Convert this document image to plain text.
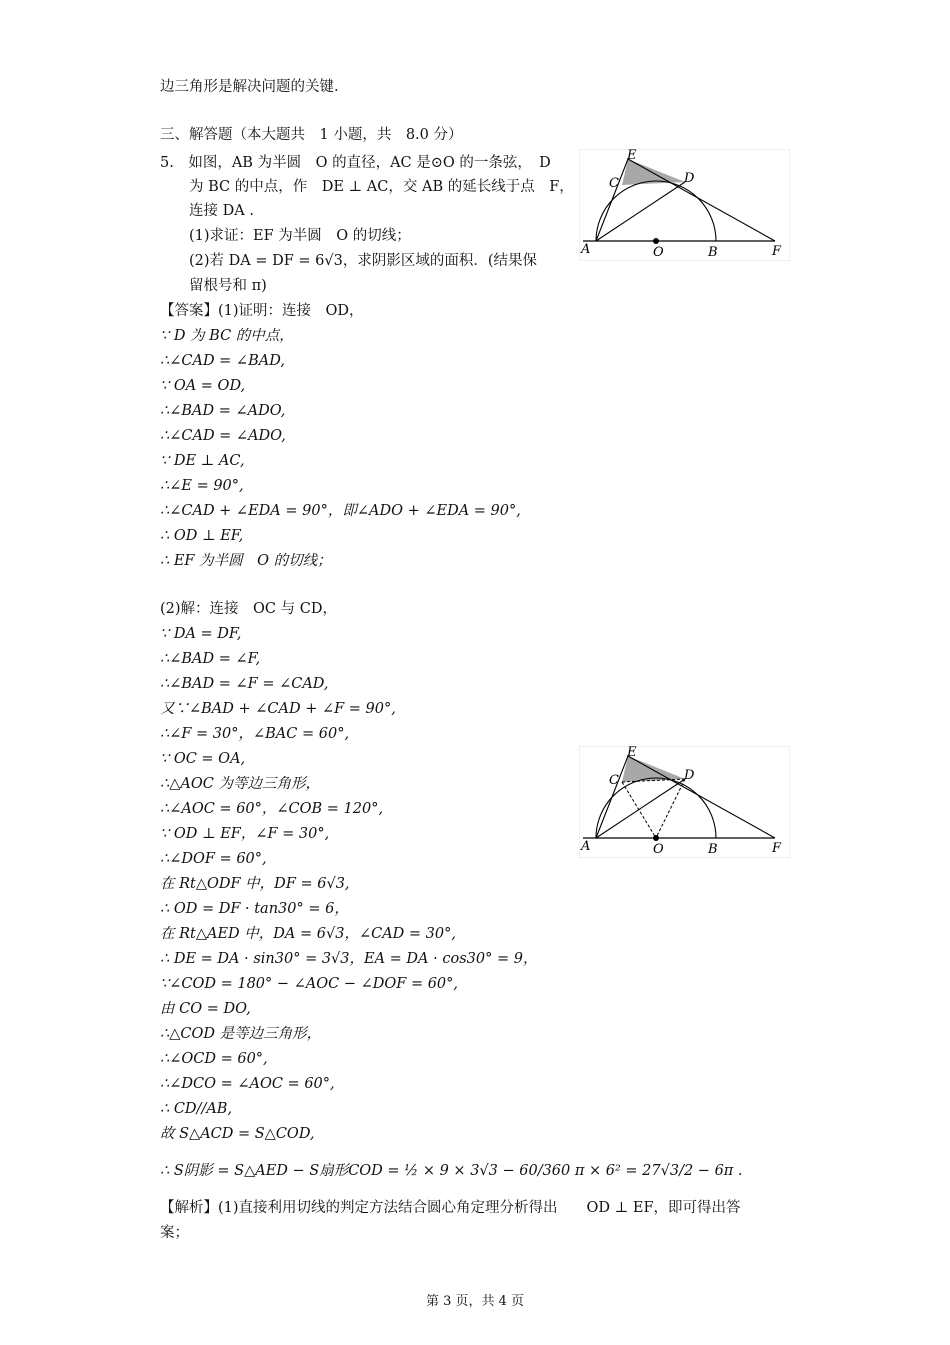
边三角形是解决问题的关键.
三、解答题（本大题共　1 小题，共　8.0 分）
5.　如图，AB 为半圆　O 的直径，AC 是⊙O 的一条弦，　D
　　为 BC 的中点，作　DE ⊥ AC，交 AB 的延长线于点　F，
　　连接 DA .
　　(1)求证：EF 为半圆　O 的切线；
　　(2)若 DA = DF = 6√3，求阴影区域的面积．(结果保
　　留根号和 π)
【答案】(1)证明：连接　OD，
∵ D 为 BC 的中点，
∴∠CAD = ∠BAD,
∵ OA = OD,
∴∠BAD = ∠ADO,
∴∠CAD = ∠ADO,
∵ DE ⊥ AC,
∴∠E = 90°,
∴∠CAD + ∠EDA = 90°，即∠ADO + ∠EDA = 90°,
∴ OD ⊥ EF,
∴ EF 为半圆　O 的切线；
(2)解：连接　OC 与 CD，
∵ DA = DF,
∴∠BAD = ∠F,
∴∠BAD = ∠F = ∠CAD,
又∵∠BAD + ∠CAD + ∠F = 90°,
∴∠F = 30°，∠BAC = 60°,
∵ OC = OA,
∴△AOC 为等边三角形，
∴∠AOC = 60°，∠COB = 120°,
∵ OD ⊥ EF，∠F = 30°,
∴∠DOF = 60°,
在 Rt△ODF 中，DF = 6√3,
∴ OD = DF · tan30° = 6，
在 Rt△AED 中，DA = 6√3，∠CAD = 30°,
∴ DE = DA · sin30° = 3√3，EA = DA · cos30° = 9，
∵∠COD = 180° − ∠AOC − ∠DOF = 60°,
由 CO = DO,
∴△COD 是等边三角形，
∴∠OCD = 60°,
∴∠DCO = ∠AOC = 60°,
∴ CD//AB,
故 S△ACD = S△COD,
∴ S阴影 = S△AED − S扇形COD = ½ × 9 × 3√3 − 60/360 π × 6² = 27√3/2 − 6π .
【解析】(1)直接利用切线的判定方法结合圆心角定理分析得出　　OD ⊥ EF，即可得出答
案；
E
C	D
A	O	B	F
E
C	D
A	O	B	F
第 3 页，共 4 页
